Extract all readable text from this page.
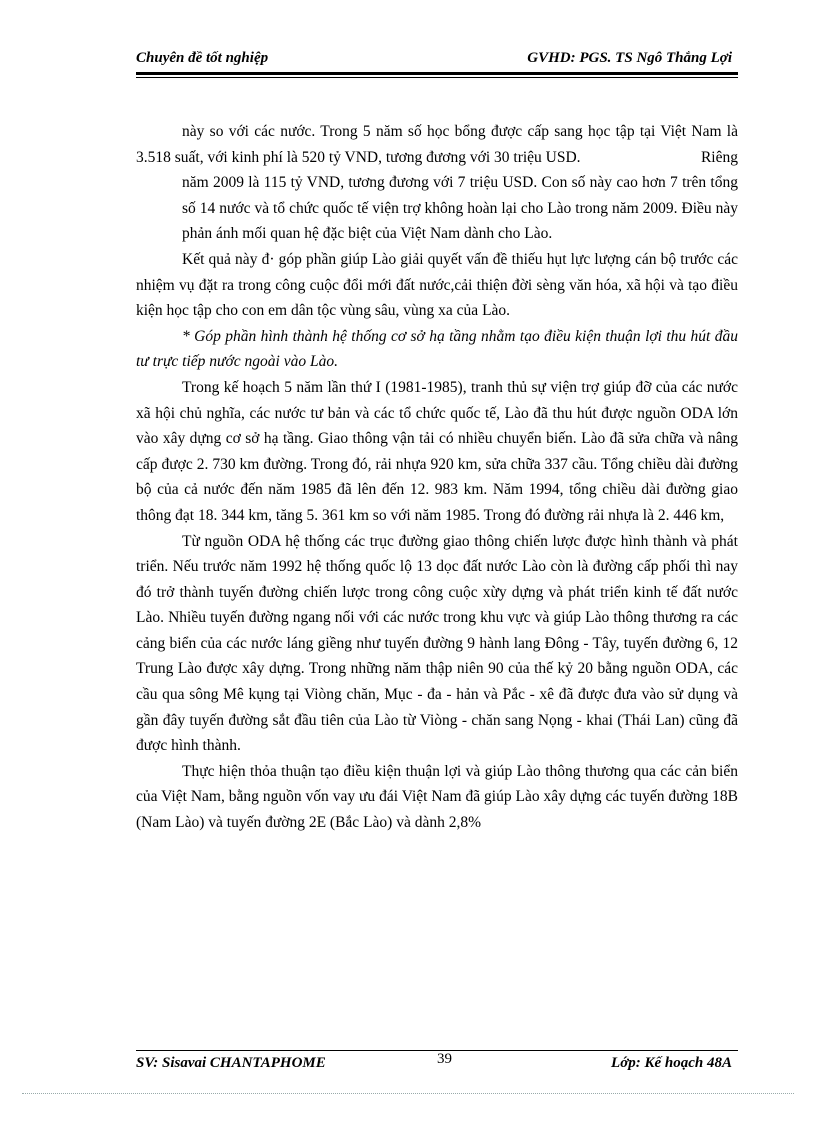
Chuyên đề tốt nghiệp	GVHD: PGS. TS Ngô Thắng Lợi

này so với các nước. Trong 5 năm số học bổng được cấp sang học tập tại Việt Nam là 3.518 suất, với kinh phí là 520 tỷ VND, tương đương với 30 triệu USD.	Riêng

năm 2009 là 115 tỷ VND, tương đương với 7 triệu USD. Con số này cao hơn 7 trên tổng số 14 nước và tổ chức quốc tế viện trợ không hoàn lại cho Lào trong năm 2009. Điều này phản ánh mối quan hệ đặc biệt của Việt Nam dành cho Lào.

Kết quả này đ· góp phần giúp Lào giải quyết vấn đề thiếu hụt lực lượng cán bộ trước các nhiệm vụ đặt ra trong công cuộc đổi mới đất nước,cải thiện đời sèng văn hóa, xã hội và tạo điều kiện học tập cho con em dân tộc vùng sâu, vùng xa của Lào.

* Góp phần hình thành hệ thống cơ sở hạ tầng nhằm tạo điều kiện thuận lợi thu hút đầu tư trực tiếp nước ngoài vào Lào.

Trong kế hoạch 5 năm lần thứ I (1981-1985), tranh thủ sự viện trợ giúp đỡ của các nước xã hội chủ nghĩa, các nước tư bản và các tổ chức quốc tế, Lào đã thu hút được nguồn ODA lớn vào xây dựng cơ sở hạ tầng. Giao thông vận tải có nhiều chuyển biến. Lào đã sửa chữa và nâng cấp được 2. 730 km đường. Trong đó, rải nhựa 920 km, sửa chữa 337 cầu. Tổng chiều dài đường bộ của cả nước đến năm 1985 đã lên đến 12. 983 km. Năm 1994, tổng chiều dài đường giao thông đạt 18. 344 km, tăng 5. 361 km so với năm 1985. Trong đó đường rải nhựa là 2. 446 km,

Từ nguồn ODA hệ thống các trục đường giao thông chiến lược được hình thành và phát triển. Nếu trước năm 1992 hệ thống quốc lộ 13 dọc đất nước Lào còn là đường cấp phối thì nay đó trở thành tuyến đường chiến lược trong công cuộc xừy dựng và phát triển kinh tế đất nước Lào. Nhiều tuyến đường ngang nối với các nước trong khu vực và giúp Lào thông thương ra các cảng biển của các nước láng giềng như tuyến đường 9 hành lang Đông - Tây, tuyến đường 6, 12 Trung Lào được xây dựng. Trong những năm thập niên 90 của thế kỷ 20 bằng nguồn ODA, các cầu qua sông Mê kụng tại Viòng chăn, Mục - đa - hản và Pắc - xê đã được đưa vào sử dụng và gần đây tuyến đường sắt đầu tiên của Lào từ Viòng - chăn sang Nọng - khai (Thái Lan) cũng đã được hình thành.

Thực hiện thỏa thuận tạo điều kiện thuận lợi và giúp Lào thông thương qua các cản biển của Việt Nam, bằng nguồn vốn vay ưu đái Việt Nam đã giúp Lào xây dựng các tuyến đường 18B (Nam Lào) và tuyến đường 2E (Bắc Lào) và dành 2,8%

SV: Sisavai CHANTAPHOME	39	Lớp: Kế hoạch 48A
